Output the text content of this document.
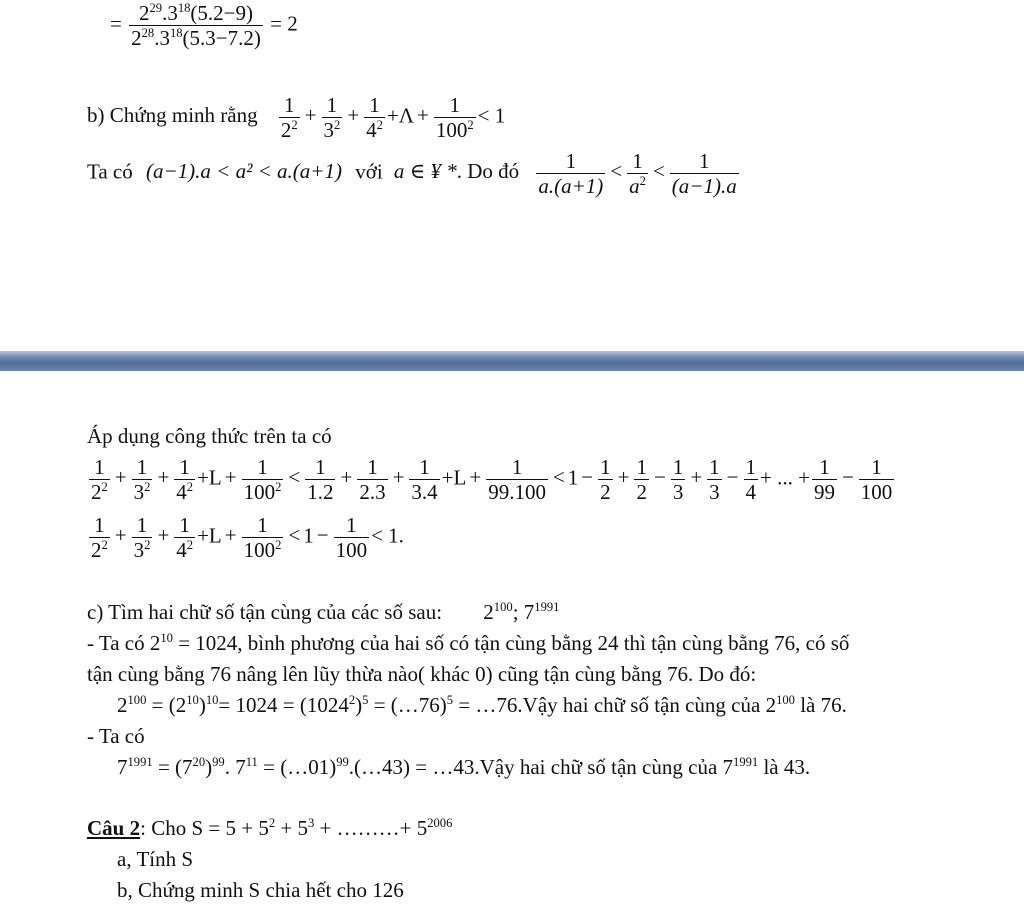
= $\frac{2^{29}.3^{18}(5.2-9)}{2^{28}.3^{18}(5.3-7.2)} = 2$
b) Chứng minh rằng $\frac{1}{2^2} + \frac{1}{3^2} + \frac{1}{4^2} +\Lambda + \frac{1}{100^2} < 1$
Ta có (a−1).a < a² < a.(a+1) với a ∈ ¥ *. Do đó $\frac{1}{a.(a+1)} < \frac{1}{a^2} < \frac{1}{(a-1).a}$
Áp dụng công thức trên ta có
$\frac{1}{2^2} + \frac{1}{3^2} + \frac{1}{4^2} +L + \frac{1}{100^2} < \frac{1}{1.2} + \frac{1}{2.3} + \frac{1}{3.4} +L + \frac{1}{99.100} < 1 - \frac{1}{2} + \frac{1}{2} - \frac{1}{3} + \frac{1}{3} - \frac{1}{4}$ + ... + $\frac{1}{99} - \frac{1}{100}$
$\frac{1}{2^2} + \frac{1}{3^2} + \frac{1}{4^2} +L + \frac{1}{100^2} < 1 - \frac{1}{100} < 1$.
c) Tìm hai chữ số tận cùng của các số sau: $2^{100}$; $7^{1991}$
- Ta có $2^{10} = 1024$, bình phương của hai số có tận cùng bằng 24 thì tận cùng bằng 76, có số
tận cùng bằng 76 nâng lên lũy thừa nào( khác 0) cũng tận cùng bằng 76. Do đó:
$2^{100} = (2^{10})^{10}= 1024 = (1024^2)^5$ = (…76)$^5$ = …76.Vậy hai chữ số tận cùng của $2^{100}$ là 76.
- Ta có
$7^{1991} = (7^{20})^{99}$. $7^{11}$ = (…01)$^{99}$.(…43) = …43.Vậy hai chữ số tận cùng của $7^{1991}$ là 43.
Câu 2: Cho $S = 5 + 5^2 + 5^3$ + ………+ $5^{2006}$
a, Tính S
b, Chứng minh S chia hết cho 126
